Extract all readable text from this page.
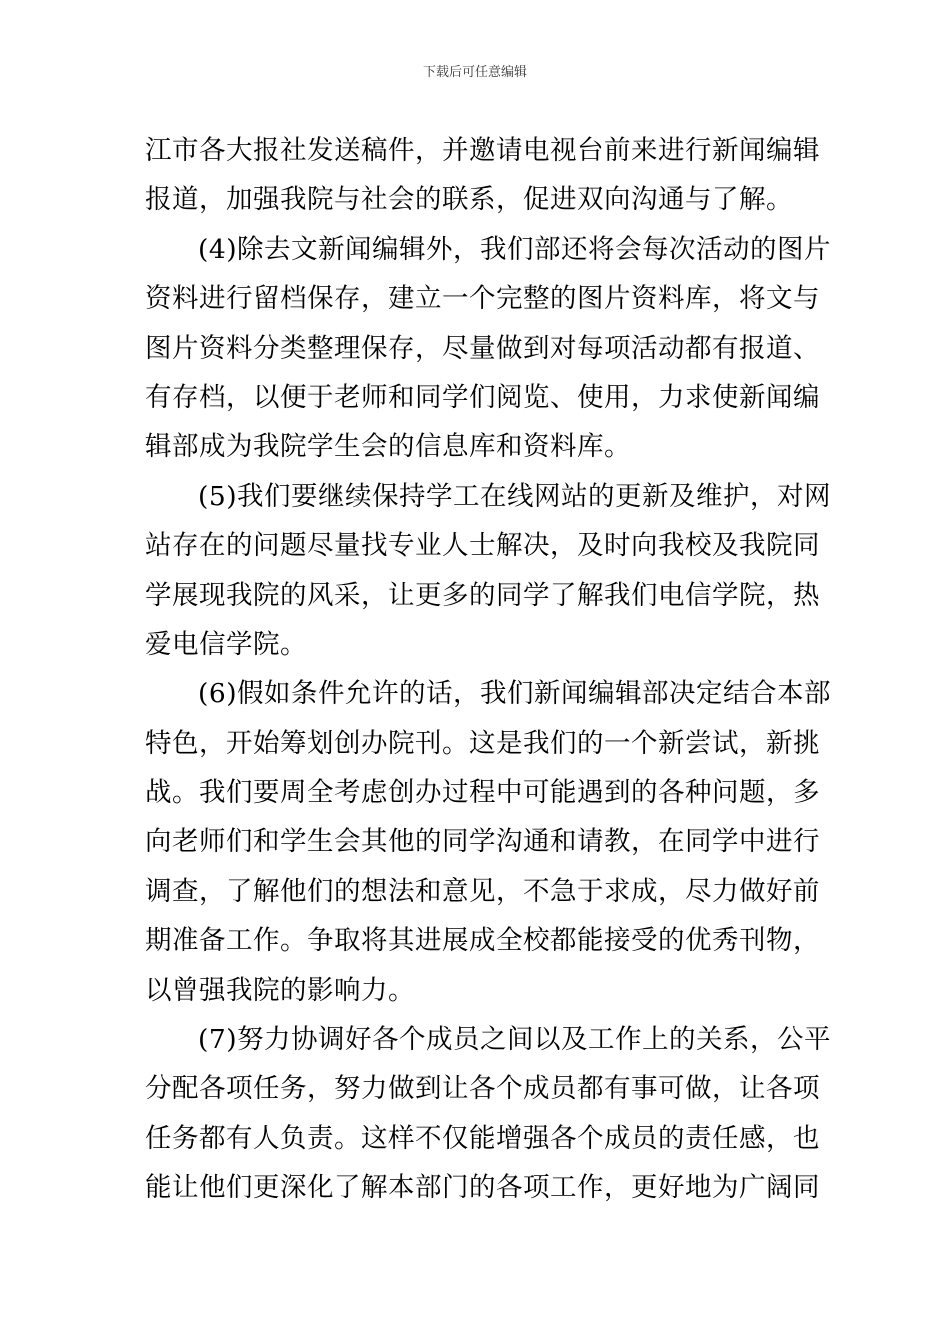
下载后可任意编辑
江市各大报社发送稿件，并邀请电视台前来进行新闻编辑
报道，加强我院与社会的联系，促进双向沟通与了解。
(4)除去文新闻编辑外，我们部还将会每次活动的图片
资料进行留档保存，建立一个完整的图片资料库，将文与
图片资料分类整理保存，尽量做到对每项活动都有报道、
有存档，以便于老师和同学们阅览、使用，力求使新闻编
辑部成为我院学生会的信息库和资料库。
(5)我们要继续保持学工在线网站的更新及维护，对网
站存在的问题尽量找专业人士解决，及时向我校及我院同
学展现我院的风采，让更多的同学了解我们电信学院，热
爱电信学院。
(6)假如条件允许的话，我们新闻编辑部决定结合本部
特色，开始筹划创办院刊。这是我们的一个新尝试，新挑
战。我们要周全考虑创办过程中可能遇到的各种问题，多
向老师们和学生会其他的同学沟通和请教，在同学中进行
调查，了解他们的想法和意见，不急于求成，尽力做好前
期准备工作。争取将其进展成全校都能接受的优秀刊物，
以曾强我院的影响力。
(7)努力协调好各个成员之间以及工作上的关系，公平
分配各项任务，努力做到让各个成员都有事可做，让各项
任务都有人负责。这样不仅能增强各个成员的责任感，也
能让他们更深化了解本部门的各项工作，更好地为广阔同
